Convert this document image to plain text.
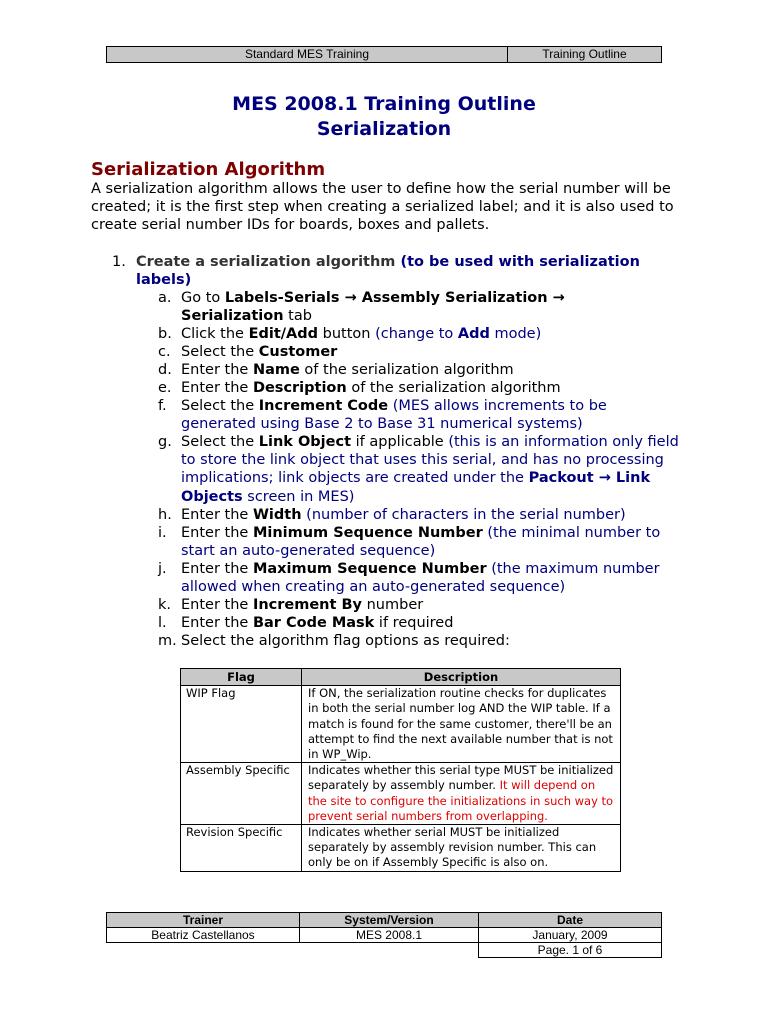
Standard MES Training	Training Outline
MES 2008.1 Training Outline
Serialization
Serialization Algorithm
A serialization algorithm allows the user to define how the serial number will be created; it is the first step when creating a serialized label; and it is also used to create serial number IDs for boards, boxes and pallets.
1. Create a serialization algorithm (to be used with serialization labels)
a. Go to Labels-Serials → Assembly Serialization →
Serialization tab
b. Click the Edit/Add button (change to Add mode)
c. Select the Customer
d. Enter the Name of the serialization algorithm
e. Enter the Description of the serialization algorithm
f. Select the Increment Code (MES allows increments to be generated using Base 2 to Base 31 numerical systems)
g. Select the Link Object if applicable (this is an information only field to store the link object that uses this serial, and has no processing implications; link objects are created under the Packout → Link Objects screen in MES)
h. Enter the Width (number of characters in the serial number)
i. Enter the Minimum Sequence Number (the minimal number to start an auto-generated sequence)
j. Enter the Maximum Sequence Number (the maximum number allowed when creating an auto-generated sequence)
k. Enter the Increment By number
l. Enter the Bar Code Mask if required
m. Select the algorithm flag options as required:
Flag	Description
WIP Flag	If ON, the serialization routine checks for duplicates in both the serial number log AND the WIP table. If a match is found for the same customer, there'll be an attempt to find the next available number that is not in WP_Wip.
Assembly Specific	Indicates whether this serial type MUST be initialized separately by assembly number. It will depend on the site to configure the initializations in such way to prevent serial numbers from overlapping.
Revision Specific	Indicates whether serial MUST be initialized separately by assembly revision number. This can only be on if Assembly Specific is also on.
Trainer	System/Version	Date
Beatriz Castellanos	MES 2008.1	January, 2009
		Page. 1 of 6
